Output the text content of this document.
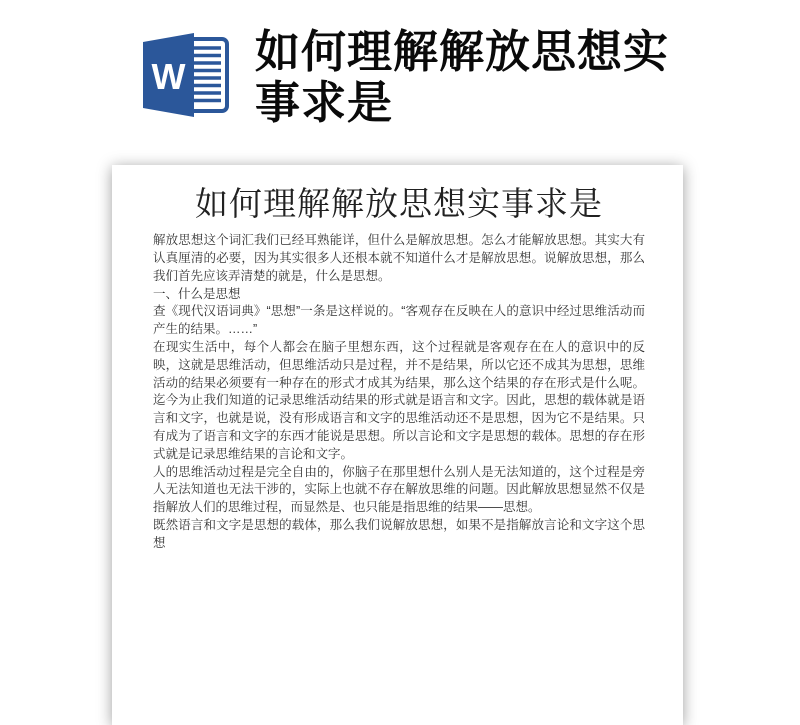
W 如何理解解放思想实
事求是
如何理解解放思想实事求是

解放思想这个词汇我们已经耳熟能详，但什么是解放思想。怎么才能解放思想。其实大有认真厘清的必要，因为其实很多人还根本就不知道什么才是解放思想。说解放思想，那么我们首先应该弄清楚的就是，什么是思想。

一、什么是思想

查《现代汉语词典》“思想”一条是这样说的。“客观存在反映在人的意识中经过思维活动而产生的结果。……”

在现实生活中，每个人都会在脑子里想东西，这个过程就是客观存在在人的意识中的反映，这就是思维活动，但思维活动只是过程，并不是结果，所以它还不成其为思想，思维活动的结果必须要有一种存在的形式才成其为结果，那么这个结果的存在形式是什么呢。迄今为止我们知道的记录思维活动结果的形式就是语言和文字。因此，思想的载体就是语言和文字，也就是说，没有形成语言和文字的思维活动还不是思想，因为它不是结果。只有成为了语言和文字的东西才能说是思想。所以言论和文字是思想的载体。思想的存在形式就是记录思维结果的言论和文字。

人的思维活动过程是完全自由的，你脑子在那里想什么别人是无法知道的，这个过程是旁人无法知道也无法干涉的，实际上也就不存在解放思维的问题。因此解放思想显然不仅是指解放人们的思维过程，而显然是、也只能是指思维的结果——思想。

既然语言和文字是思想的载体，那么我们说解放思想，如果不是指解放言论和文字这个思想
